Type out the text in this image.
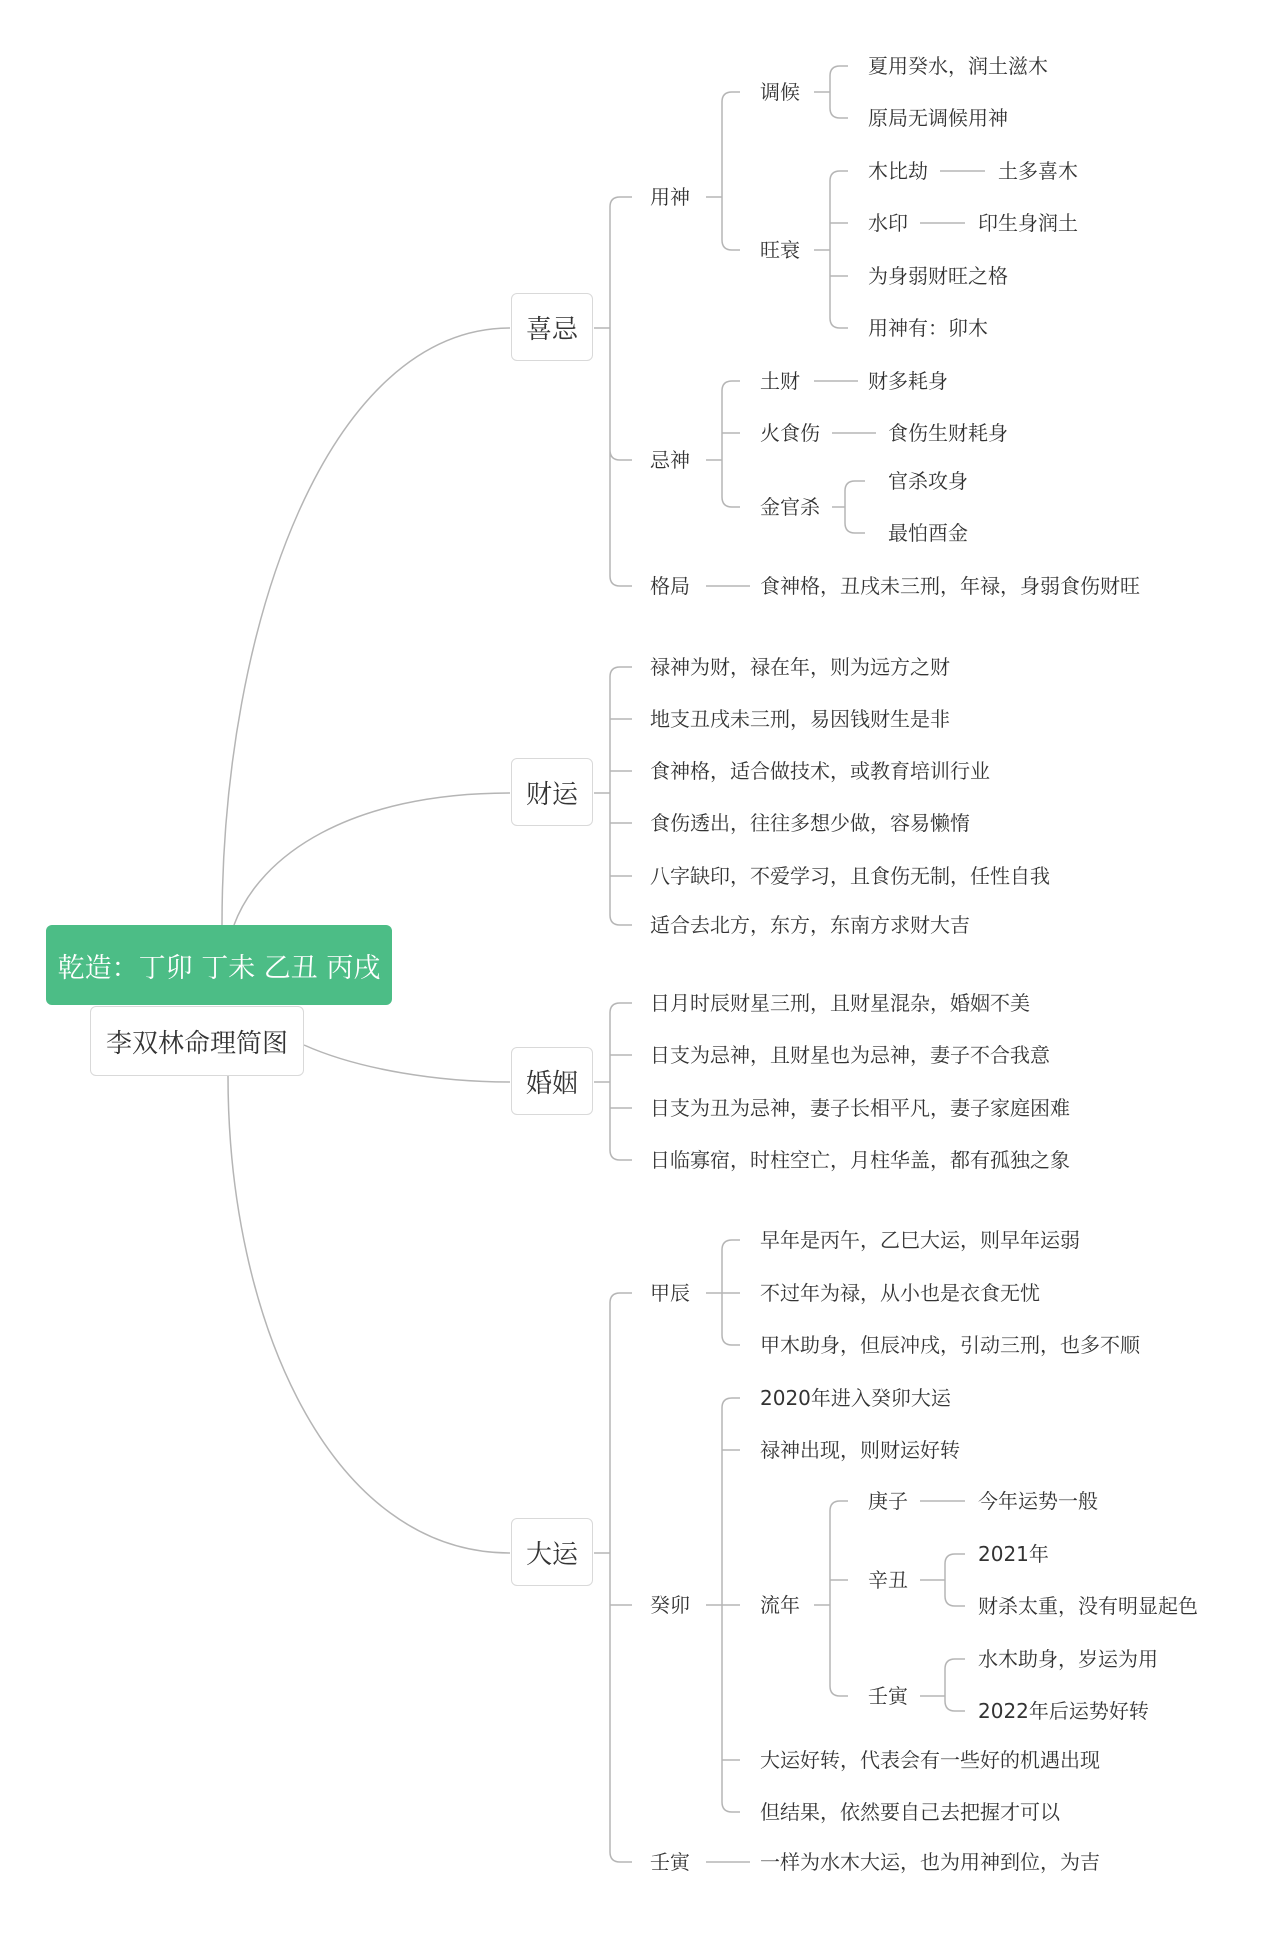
乾造：丁卯 丁未 乙丑 丙戌
李双林命理简图
喜忌
财运
婚姻
大运
用神
调候
夏用癸水，润土滋木
原局无调候用神
旺衰
木比劫	土多喜木
水印	印生身润土
为身弱财旺之格
用神有：卯木
忌神
土财	财多耗身
火食伤	食伤生财耗身
金官杀
官杀攻身
最怕酉金
格局	食神格，丑戌未三刑，年禄，身弱食伤财旺
禄神为财，禄在年，则为远方之财
地支丑戌未三刑，易因钱财生是非
食神格，适合做技术，或教育培训行业
食伤透出，往往多想少做，容易懒惰
八字缺印，不爱学习，且食伤无制，任性自我
适合去北方，东方，东南方求财大吉
日月时辰财星三刑，且财星混杂，婚姻不美
日支为忌神，且财星也为忌神，妻子不合我意
日支为丑为忌神，妻子长相平凡，妻子家庭困难
日临寡宿，时柱空亡，月柱华盖，都有孤独之象
甲辰
早年是丙午，乙巳大运，则早年运弱
不过年为禄，从小也是衣食无忧
甲木助身，但辰冲戌，引动三刑，也多不顺
癸卯
2020年进入癸卯大运
禄神出现，则财运好转
流年
庚子	今年运势一般
辛丑
2021年
财杀太重，没有明显起色
壬寅
水木助身，岁运为用
2022年后运势好转
大运好转，代表会有一些好的机遇出现
但结果，依然要自己去把握才可以
壬寅	一样为水木大运，也为用神到位，为吉
